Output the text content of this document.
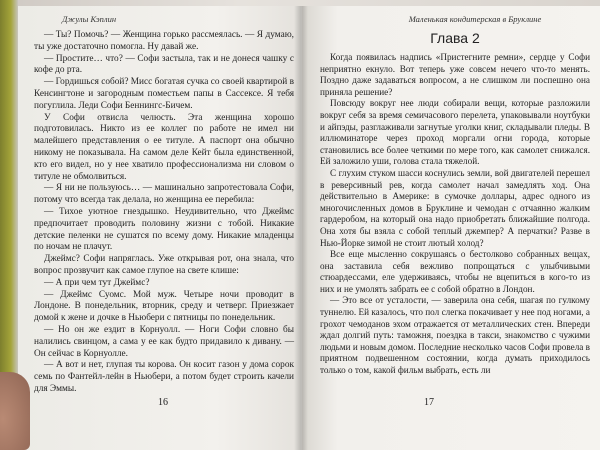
Джулы Кэплин

— Ты? Помочь? — Женщина горько рассмеялась. — Я думаю, ты уже достаточно помогла. Ну давай же.

— Простите… что? — Софи застыла, так и не донеся чашку с кофе до рта.

— Гордишься собой? Мисс богатая сучка со своей квартирой в Кенсингтоне и загородным поместьем папы в Сассексе. Я тебя погуглила. Леди Софи Беннингс-Бичем.

У Софи отвисла челюсть. Эта женщина хорошо подготовилась. Никто из ее коллег по работе не имел ни малейшего представления о ее титуле. А паспорт она обычно никому не показывала. На самом деле Кейт была единственной, кто его видел, но у нее хватило профессионализма ни словом о титуле не обмолвиться.

— Я ни не пользуюсь… — машинально запротестовала Софи, потому что всегда так делала, но женщина ее перебила:

— Тихое уютное гнездышко. Неудивительно, что Джеймс предпочитает проводить половину жизни с тобой. Никакие детские пеленки не сушатся по всему дому. Никакие младенцы по ночам не плачут.

Джеймс? Софи напряглась. Уже открывая рот, она знала, что вопрос прозвучит как самое глупое на свете клише:

— А при чем тут Джеймс?

— Джеймс Суомс. Мой муж. Четыре ночи проводит в Лондоне. В понедельник, вторник, среду и четверг. Приезжает домой к жене и дочке в Ньюбери с пятницы по понедельник.

— Но он же ездит в Корнуолл. — Ноги Софи словно бы налились свинцом, а сама у ее как будто придавило к дивану. — Он сейчас в Корнуолле.

— А вот и нет, глупая ты корова. Он косит газон у дома сорок семь по Фантейл-лейн в Ньюбери, а потом будет строить качели для Эммы.

16
Маленькая кондитерская в Бруклине
Глава 2

Когда появилась надпись «Пристегните ремни», сердце у Софи неприятно екнуло. Вот теперь уже совсем нечего что-то менять. Поздно даже задаваться вопросом, а не слишком ли поспешно она приняла решение?

Повсюду вокруг нее люди собирали вещи, которые разложили вокруг себя за время семичасового перелета, упаковывали ноутбуки и айпэды, разглаживали загнутые уголки книг, складывали пледы. В иллюминаторе через проход моргали огни города, которые становились все более четкими по мере того, как самолет снижался. Ей заложило уши, голова стала тяжелой.

С глухим стуком шасси коснулись земли, вой двигателей перешел в реверсивный рев, когда самолет начал замедлять ход. Она действительно в Америке: в сумочке доллары, адрес одного из многочисленных домов в Бруклине и чемодан с отчаянно жалким гардеробом, на который она надо приобретать ближайшие полгода. Она хотя бы взяла с собой теплый джемпер? А перчатки? Разве в Нью-Йорке зимой не стоит лютый холод?

Все еще мысленно сокрушаясь о бестолково собранных вещах, она заставила себя вежливо попрощаться с улыбчивыми стюардессами, еле удерживаясь, чтобы не вцепиться в кого-то из них и не умолять забрать ее с собой обратно в Лондон.

— Это все от усталости, — заверила она себя, шагая по гулкому туннелю. Ей казалось, что пол слегка покачивает у нее под ногами, а грохот чемоданов эхом отражается от металлических стен. Впереди ждал долгий путь: таможня, поездка в такси, знакомство с чужими людьми и новым домом. Последние несколько часов Софи провела в приятном подвешенном состоянии, когда думать приходилось только о том, какой фильм выбрать, есть ли

17
